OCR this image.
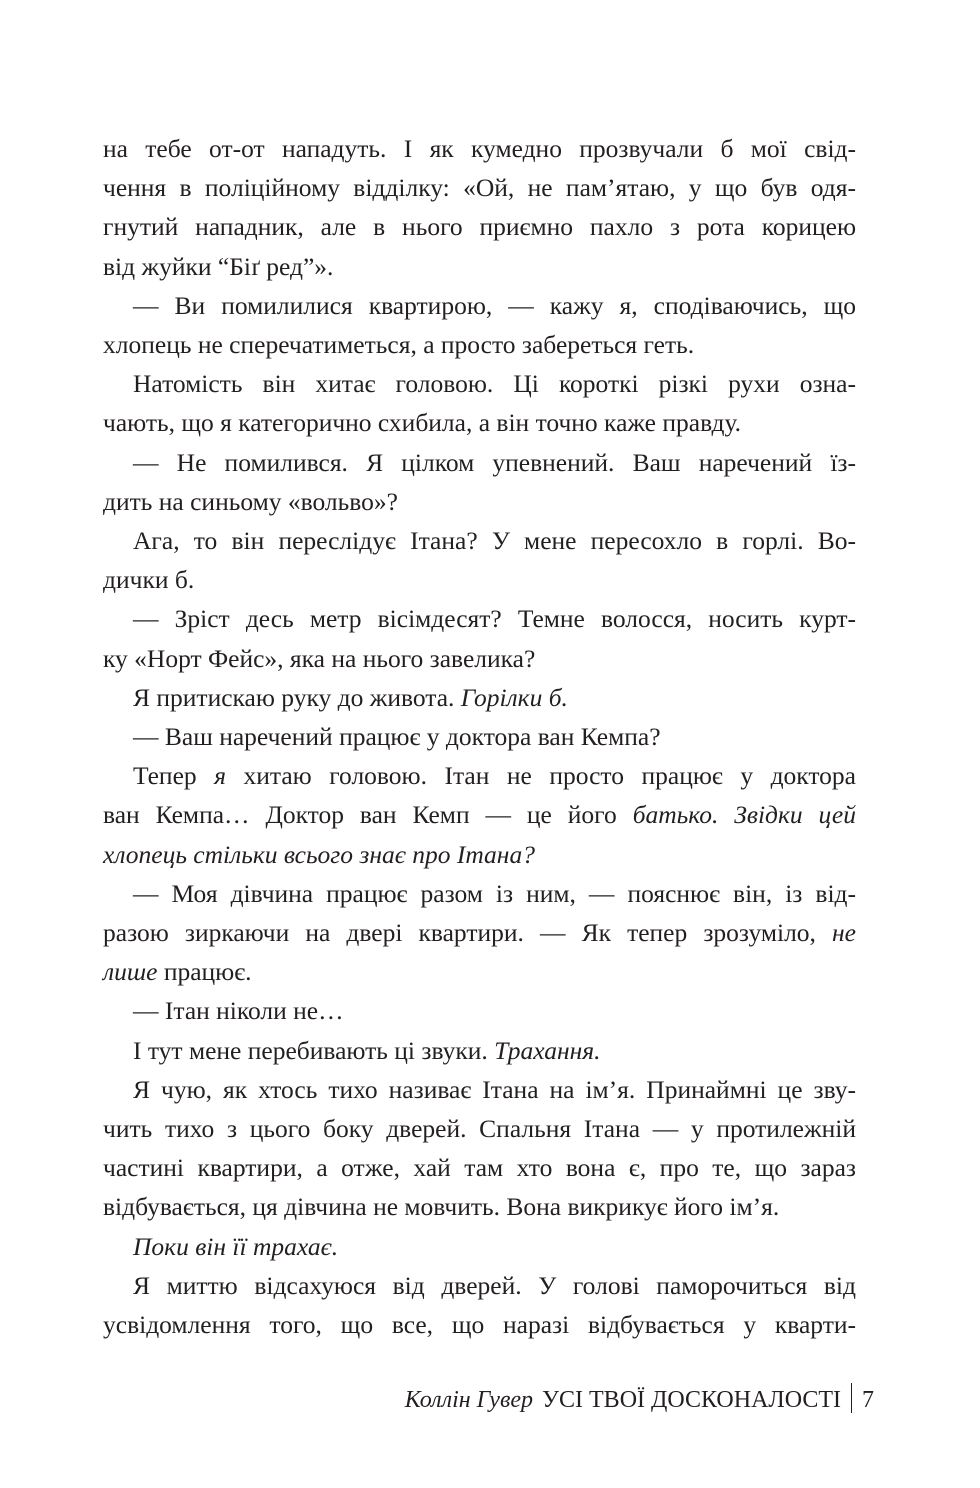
на тебе от-от нападуть. І як кумедно прозвучали б мої свід-
чення в поліційному відділку: «Ой, не пам’ятаю, у що був одя-
гнутий нападник, але в нього приємно пахло з рота корицею
від жуйки “Біґ ред”».
— Ви помилилися квартирою, — кажу я, сподіваючись, що
хлопець не сперечатиметься, а просто забереться геть.
Натомість він хитає головою. Ці короткі різкі рухи озна-
чають, що я категорично схибила, а він точно каже правду.
— Не помилився. Я цілком упевнений. Ваш наречений їз-
дить на синьому «вольво»?
Ага, то він переслідує Ітана? У мене пересохло в горлі. Во-
дички б.
— Зріст десь метр вісімдесят? Темне волосся, носить курт-
ку «Норт Фейс», яка на нього завелика?
Я притискаю руку до живота. Горілки б.
— Ваш наречений працює у доктора ван Кемпа?
Тепер я хитаю головою. Ітан не просто працює у доктора
ван Кемпа… Доктор ван Кемп — це його батько. Звідки цей
хлопець стільки всього знає про Ітана?
— Моя дівчина працює разом із ним, — пояснює він, із від-
разою зиркаючи на двері квартири. — Як тепер зрозуміло, не
лише працює.
— Ітан ніколи не…
І тут мене перебивають ці звуки. Трахання.
Я чую, як хтось тихо називає Ітана на ім’я. Принаймні це зву-
чить тихо з цього боку дверей. Спальня Ітана — у протилежній
частині квартири, а отже, хай там хто вона є, про те, що зараз
відбувається, ця дівчина не мовчить. Вона викрикує його ім’я.
Поки він її трахає.
Я миттю відсахуюся від дверей. У голові паморочиться від
усвідомлення того, що все, що наразі відбувається у кварти-
Коллін Гувер УСІ ТВОЇ ДОСКОНАЛОСТІ 7
